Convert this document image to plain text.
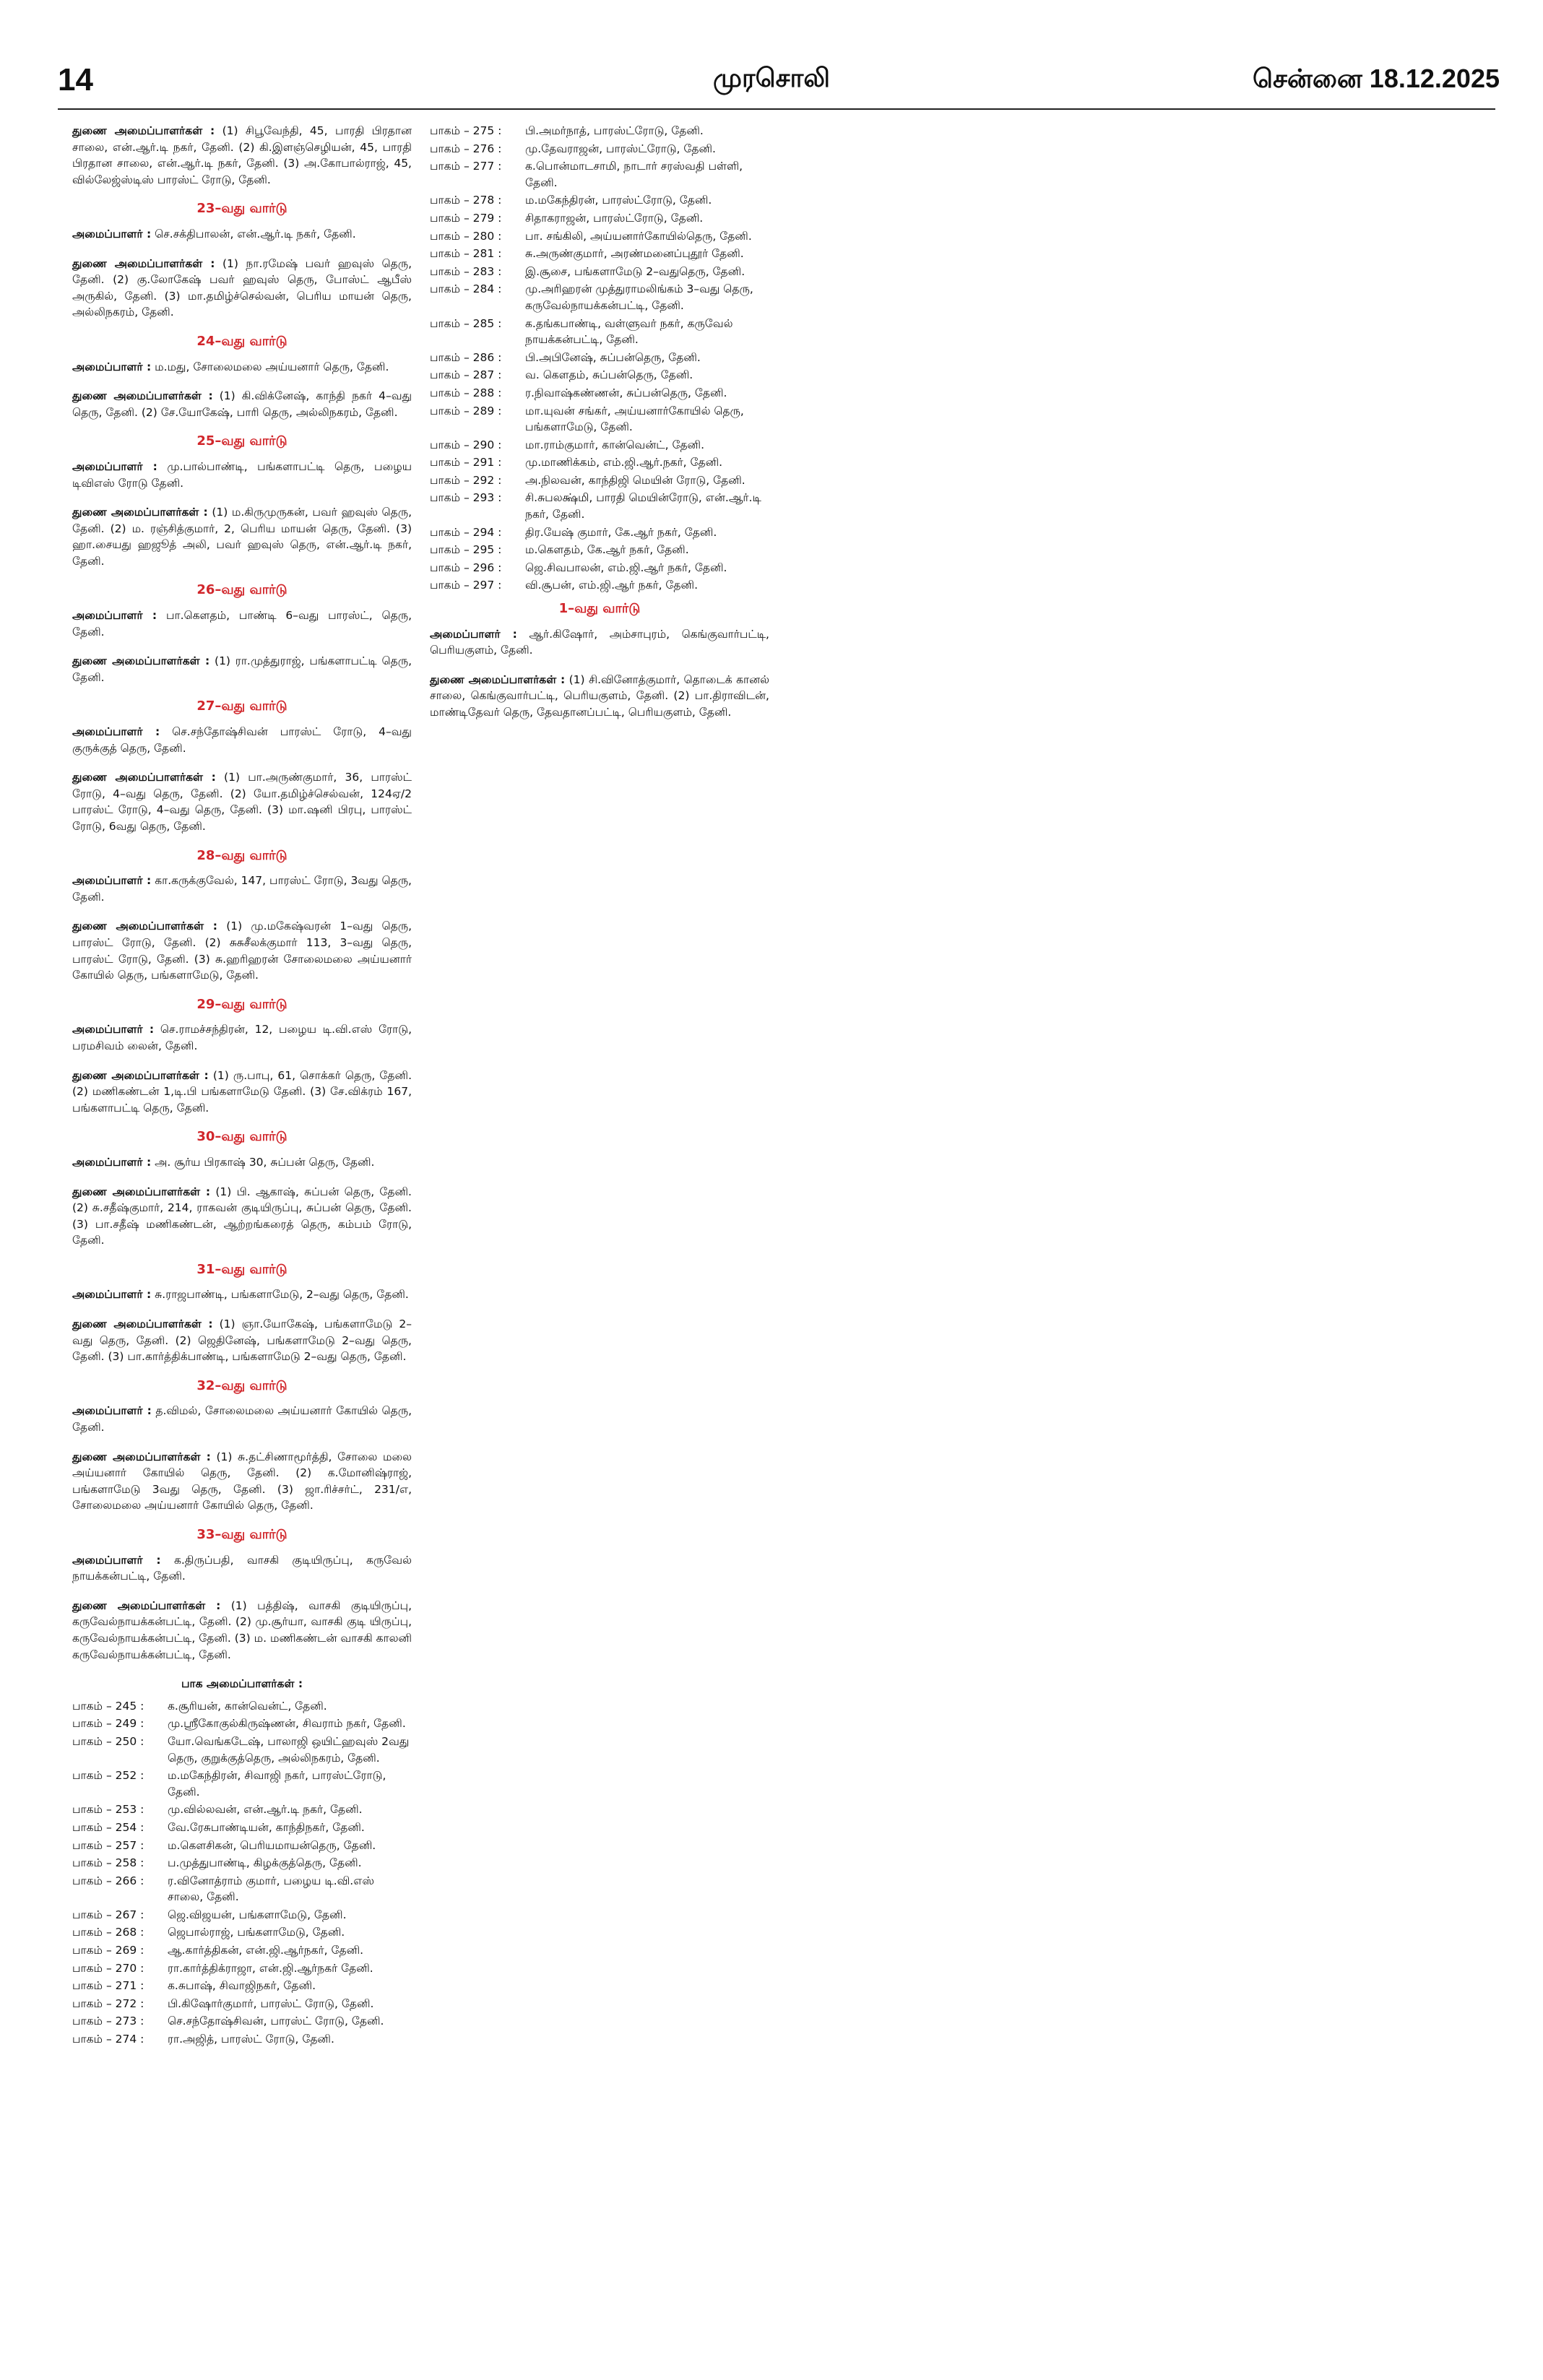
14	முரசொலி	சென்னை 18.12.2025

துணை அமைப்பாளர்கள் : (1) சிபூவேந்தி, 45, பாரதி பிரதான சாலை, என்.ஆர்.டி நகர், தேனி. (2) கி.இளஞ்செழியன், 45, பாரதி பிரதான சாலை, என்.ஆர்.டி நகர், தேனி. (3) அ.கோபால்ராஜ், 45, வில்லேஜ்ஸ்டிஸ் பாரஸ்ட் ரோடு, தேனி.

23–வது வார்டு

அமைப்பாளர் : செ.சக்திபாலன், என்.ஆர்.டி நகர், தேனி.

துணை அமைப்பாளர்கள் : (1) நா.ரமேஷ் பவர் ஹவுஸ் தெரு, தேனி. (2) கு.லோகேஷ் பவர் ஹவுஸ் தெரு, போஸ்ட் ஆபீஸ் அருகில், தேனி. (3) மா.தமிழ்ச்செல்வன், பெரிய மாயன் தெரு, அல்லிநகரம், தேனி.

24–வது வார்டு

அமைப்பாளர் : ம.மது, சோலைமலை அய்யனார் தெரு, தேனி.

துணை அமைப்பாளர்கள் : (1) கி.விக்னேஷ், காந்தி நகர் 4–வது தெரு, தேனி. (2) சே.யோகேஷ், பாரி தெரு, அல்லிநகரம், தேனி.

25–வது வார்டு

அமைப்பாளர் : மு.பால்பாண்டி, பங்களாபட்டி தெரு, பழைய டிவிஎஸ் ரோடு தேனி.

துணை அமைப்பாளர்கள் : (1) ம.கிருமுருகன், பவர் ஹவுஸ் தெரு, தேனி. (2) ம. ரஞ்சித்குமார், 2, பெரிய மாயன் தெரு, தேனி. (3) ஹா.சையது ஹஜூத் அலி, பவர் ஹவுஸ் தெரு, என்.ஆர்.டி நகர், தேனி.

26–வது வார்டு

அமைப்பாளர் : பா.கௌதம், பாண்டி 6–வது பாரஸ்ட், தெரு, தேனி.

துணை அமைப்பாளர்கள் : (1) ரா.முத்துராஜ், பங்களாபட்டி தெரு, தேனி.

27–வது வார்டு

அமைப்பாளர் : செ.சந்தோஷ்சிவன் பாரஸ்ட் ரோடு, 4–வது குருக்குத் தெரு, தேனி.

துணை அமைப்பாளர்கள் : (1) பா.அருண்குமார், 36, பாரஸ்ட் ரோடு, 4–வது தெரு, தேனி. (2) யோ.தமிழ்ச்செல்வன், 124ஏ/2 பாரஸ்ட் ரோடு, 4–வது தெரு, தேனி. (3) மா.ஷனி பிரபு, பாரஸ்ட் ரோடு, 6வது தெரு, தேனி.

28–வது வார்டு

அமைப்பாளர் : கா.கருக்குவேல், 147, பாரஸ்ட் ரோடு, 3வது தெரு, தேனி.

துணை அமைப்பாளர்கள் : (1) மு.மகேஷ்வரன் 1–வது தெரு, பாரஸ்ட் ரோடு, தேனி. (2) சுசுசீலக்குமார் 113, 3–வது தெரு, பாரஸ்ட் ரோடு, தேனி. (3) சு.ஹரிஹரன் சோலைமலை அய்யனார் கோயில் தெரு, பங்களாமேடு, தேனி.

29–வது வார்டு

அமைப்பாளர் : செ.ராமச்சந்திரன், 12, பழைய டி.வி.எஸ் ரோடு, பரமசிவம் லைன், தேனி.

துணை அமைப்பாளர்கள் : (1) ரு.பாபு, 61, சொக்கர் தெரு, தேனி. (2) மணிகண்டன் 1,டி.பி பங்களாமேடு தேனி. (3) சே.விக்ரம் 167, பங்களாபட்டி தெரு, தேனி.

30–வது வார்டு

அமைப்பாளர் : அ. சூர்ய பிரகாஷ் 30, சுப்பன் தெரு, தேனி.

துணை அமைப்பாளர்கள் : (1) பி. ஆகாஷ், சுப்பன் தெரு, தேனி. (2) சு.சதீஷ்குமார், 214, ராகவன் குடியிருப்பு, சுப்பன் தெரு, தேனி. (3) பா.சதீஷ் மணிகண்டன், ஆற்றங்கரைத் தெரு, கம்பம் ரோடு, தேனி.

31–வது வார்டு

அமைப்பாளர் : சு.ராஜபாண்டி, பங்களாமேடு, 2–வது தெரு, தேனி.

துணை அமைப்பாளர்கள் : (1) ஞா.யோகேஷ், பங்களாமேடு 2–வது தெரு, தேனி. (2) ஜெதினேஷ், பங்களாமேடு 2–வது தெரு, தேனி. (3) பா.கார்த்திக்பாண்டி, பங்களாமேடு 2–வது தெரு, தேனி.

32–வது வார்டு

அமைப்பாளர் : த.விமல், சோலைமலை அய்யனார் கோயில் தெரு, தேனி.

துணை அமைப்பாளர்கள் : (1) சு.தட்சிணாமூர்த்தி, சோலை மலை அய்யனார் கோயில் தெரு, தேனி. (2) க.மோனிஷ்ராஜ், பங்களாமேடு 3வது தெரு, தேனி. (3) ஜா.ரிச்சர்ட், 231/எ, சோலைமலை அய்யனார் கோயில் தெரு, தேனி.

33–வது வார்டு

அமைப்பாளர் : க.திருப்பதி, வாசகி குடியிருப்பு, கருவேல் நாயக்கன்பட்டி, தேனி.

துணை அமைப்பாளர்கள் : (1) பத்திஷ், வாசகி குடியிருப்பு, கருவேல்நாயக்கன்பட்டி, தேனி. (2) மு.சூர்யா, வாசகி குடி யிருப்பு, கருவேல்நாயக்கன்பட்டி, தேனி. (3) ம. மணிகண்டன் வாசகி காலனி கருவேல்நாயக்கன்பட்டி, தேனி.

பாக அமைப்பாளர்கள் :
பாகம் – 245 :	க.சூரியன், கான்வென்ட், தேனி.
பாகம் – 249 :	மு.ஸ்ரீகோகுல்கிருஷ்ணன், சிவராம் நகர், தேனி.
பாகம் – 250 :	யோ.வெங்கடேஷ், பாலாஜி ஒயிட்ஹவுஸ் 2வது தெரு, குறுக்குத்தெரு, அல்லிநகரம், தேனி.
பாகம் – 252 :	ம.மகேந்திரன், சிவாஜி நகர், பாரஸ்ட்ரோடு, தேனி.
பாகம் – 253 :	மு.வில்லவன், என்.ஆர்.டி நகர், தேனி.
பாகம் – 254 :	வே.ரேசுபாண்டியன், காந்திநகர், தேனி.
பாகம் – 257 :	ம.கௌசிகன், பெரியமாயன்தெரு, தேனி.
பாகம் – 258 :	ப.முத்துபாண்டி, கிழக்குத்தெரு, தேனி.
பாகம் – 266 :	ர.வினோத்ராம் குமார், பழைய டி.வி.எஸ் சாலை, தேனி.
பாகம் – 267 :	ஜெ.விஜயன், பங்களாமேடு, தேனி.
பாகம் – 268 :	ஜெபால்ராஜ், பங்களாமேடு, தேனி.
பாகம் – 269 :	ஆ.கார்த்திகன், என்.ஜி.ஆர்நகர், தேனி.
பாகம் – 270 :	ரா.கார்த்திக்ராஜா, என்.ஜி.ஆர்நகர் தேனி.
பாகம் – 271 :	க.சுபாஷ், சிவாஜிநகர், தேனி.
பாகம் – 272 :	பி.கிஷோர்குமார், பாரஸ்ட் ரோடு, தேனி.
பாகம் – 273 :	செ.சந்தோஷ்சிவன், பாரஸ்ட் ரோடு, தேனி.
பாகம் – 274 :	ரா.அஜித், பாரஸ்ட் ரோடு, தேனி.
பாகம் – 275 :	பி.அமர்நாத், பாரஸ்ட்ரோடு, தேனி.
பாகம் – 276 :	மு.தேவராஜன், பாரஸ்ட்ரோடு, தேனி.
பாகம் – 277 :	க.பொன்மாடசாமி, நாடார் சரஸ்வதி பள்ளி, தேனி.
பாகம் – 278 :	ம.மகேந்திரன், பாரஸ்ட்ரோடு, தேனி.
பாகம் – 279 :	சிதாகராஜன், பாரஸ்ட்ரோடு, தேனி.
பாகம் – 280 :	பா. சங்கிலி, அய்யனார்கோயில்தெரு, தேனி.
பாகம் – 281 :	சு.அருண்குமார், அரண்மனைப்புதூர் தேனி.
பாகம் – 283 :	இ.சூசை, பங்களாமேடு 2–வதுதெரு, தேனி.
பாகம் – 284 :	மு.அரிஹரன் முத்துராமலிங்கம் 3–வது தெரு, கருவேல்நாயக்கன்பட்டி, தேனி.
பாகம் – 285 :	க.தங்கபாண்டி, வள்ளுவர் நகர், கருவேல் நாயக்கன்பட்டி, தேனி.
பாகம் – 286 :	பி.அபினேஷ், சுப்பன்தெரு, தேனி.
பாகம் – 287 :	வ. கௌதம், சுப்பன்தெரு, தேனி.
பாகம் – 288 :	ர.நிவாஷ்கண்ணன், சுப்பன்தெரு, தேனி.
பாகம் – 289 :	மா.யுவன் சங்கர், அய்யனார்கோயில் தெரு, பங்களாமேடு, தேனி.
பாகம் – 290 :	மா.ராம்குமார், கான்வென்ட், தேனி.
பாகம் – 291 :	மு.மாணிக்கம், எம்.ஜி.ஆர்.நகர், தேனி.
பாகம் – 292 :	அ.நிலவன், காந்திஜி மெயின் ரோடு, தேனி.
பாகம் – 293 :	சி.சுபலக்ஷ்மி, பாரதி மெயின்ரோடு, என்.ஆர்.டி நகர், தேனி.
பாகம் – 294 :	திர.யேஷ் குமார், கே.ஆர் நகர், தேனி.
பாகம் – 295 :	ம.கௌதம், கே.ஆர் நகர், தேனி.
பாகம் – 296 :	ஜெ.சிவபாலன், எம்.ஜி.ஆர் நகர், தேனி.
பாகம் – 297 :	வி.சூபன், எம்.ஜி.ஆர் நகர், தேனி.
1–வது வார்டு

அமைப்பாளர் : ஆர்.கிஷோர், அம்சாபுரம், கெங்குவார்பட்டி, பெரியகுளம், தேனி.

துணை அமைப்பாளர்கள் : (1) சி.வினோத்குமார், தொடைக் கானல் சாலை, கெங்குவார்பட்டி, பெரியகுளம், தேனி. (2) பா.திராவிடன், மாண்டிதேவர் தெரு, தேவதானப்பட்டி, பெரியகுளம், தேனி.
